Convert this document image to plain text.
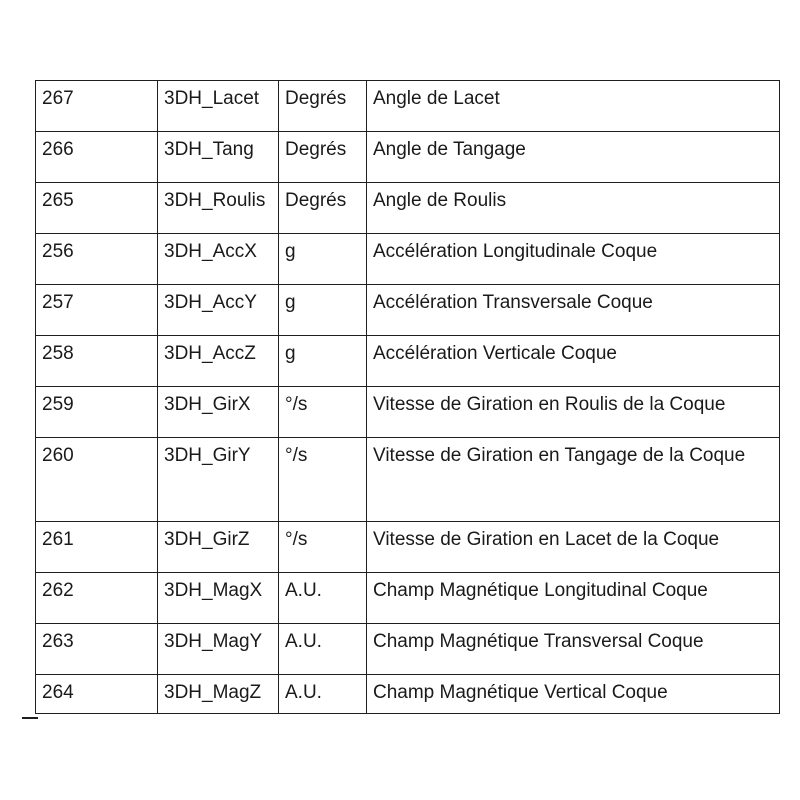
267	3DH_Lacet	Degrés	Angle de Lacet
266	3DH_Tang	Degrés	Angle de Tangage
265	3DH_Roulis	Degrés	Angle de Roulis
256	3DH_AccX	g	Accélération Longitudinale Coque
257	3DH_AccY	g	Accélération Transversale Coque
258	3DH_AccZ	g	Accélération Verticale Coque
259	3DH_GirX	°/s	Vitesse de Giration en Roulis de la Coque
260	3DH_GirY	°/s	Vitesse de Giration en Tangage de la Coque
261	3DH_GirZ	°/s	Vitesse de Giration en Lacet de la Coque
262	3DH_MagX	A.U.	Champ Magnétique Longitudinal Coque
263	3DH_MagY	A.U.	Champ Magnétique Transversal Coque
264	3DH_MagZ	A.U.	Champ Magnétique Vertical Coque
